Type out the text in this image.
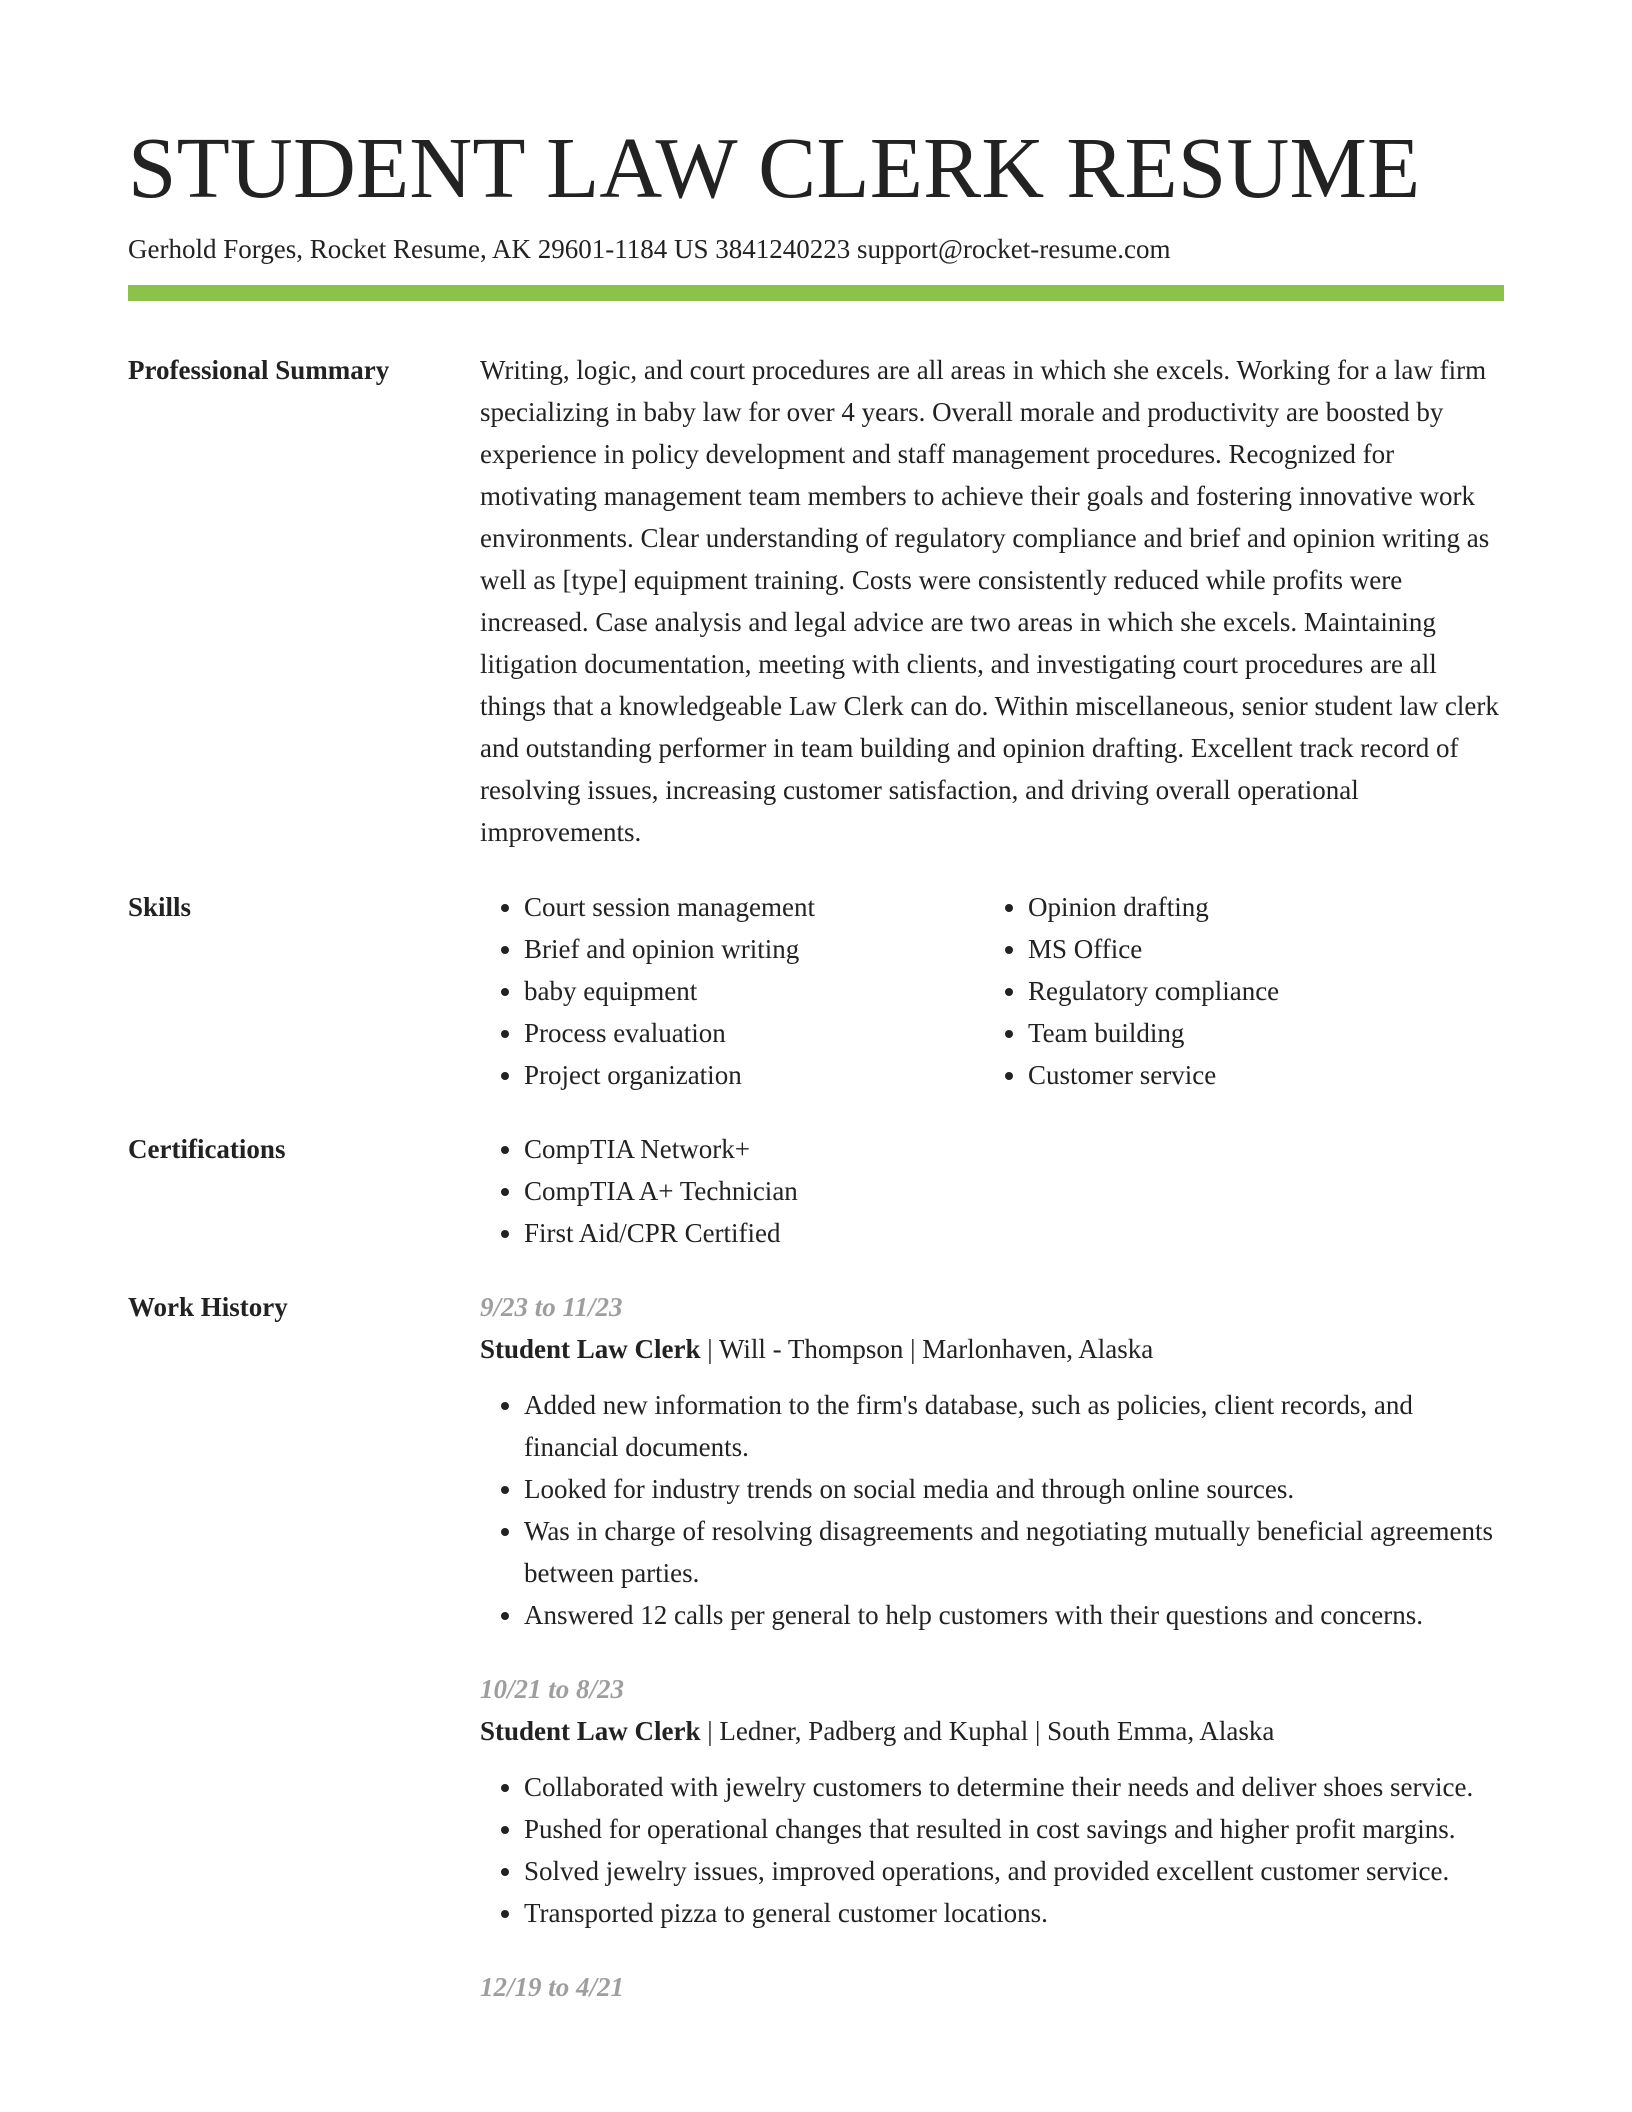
STUDENT LAW CLERK RESUME
Gerhold Forges, Rocket Resume, AK 29601-1184 US 3841240223 support@rocket-resume.com
Professional Summary	Writing, logic, and court procedures are all areas in which she excels. Working for a law firm specializing in baby law for over 4 years. Overall morale and productivity are boosted by experience in policy development and staff management procedures. Recognized for motivating management team members to achieve their goals and fostering innovative work environments. Clear understanding of regulatory compliance and brief and opinion writing as well as [type] equipment training. Costs were consistently reduced while profits were increased. Case analysis and legal advice are two areas in which she excels. Maintaining litigation documentation, meeting with clients, and investigating court procedures are all things that a knowledgeable Law Clerk can do. Within miscellaneous, senior student law clerk and outstanding performer in team building and opinion drafting. Excellent track record of resolving issues, increasing customer satisfaction, and driving overall operational improvements.

Skills	• Court session management
• Brief and opinion writing
• baby equipment
• Process evaluation
• Project organization
• Opinion drafting
• MS Office
• Regulatory compliance
• Team building
• Customer service
Certifications	• CompTIA Network+
• CompTIA A+ Technician
• First Aid/CPR Certified
Work History	9/23 to 11/23
Student Law Clerk | Will - Thompson | Marlonhaven, Alaska
• Added new information to the firm's database, such as policies, client records, and financial documents.
• Looked for industry trends on social media and through online sources.
• Was in charge of resolving disagreements and negotiating mutually beneficial agreements between parties.
• Answered 12 calls per general to help customers with their questions and concerns.
10/21 to 8/23
Student Law Clerk | Ledner, Padberg and Kuphal | South Emma, Alaska
• Collaborated with jewelry customers to determine their needs and deliver shoes service.
• Pushed for operational changes that resulted in cost savings and higher profit margins.
• Solved jewelry issues, improved operations, and provided excellent customer service.
• Transported pizza to general customer locations.
12/19 to 4/21
